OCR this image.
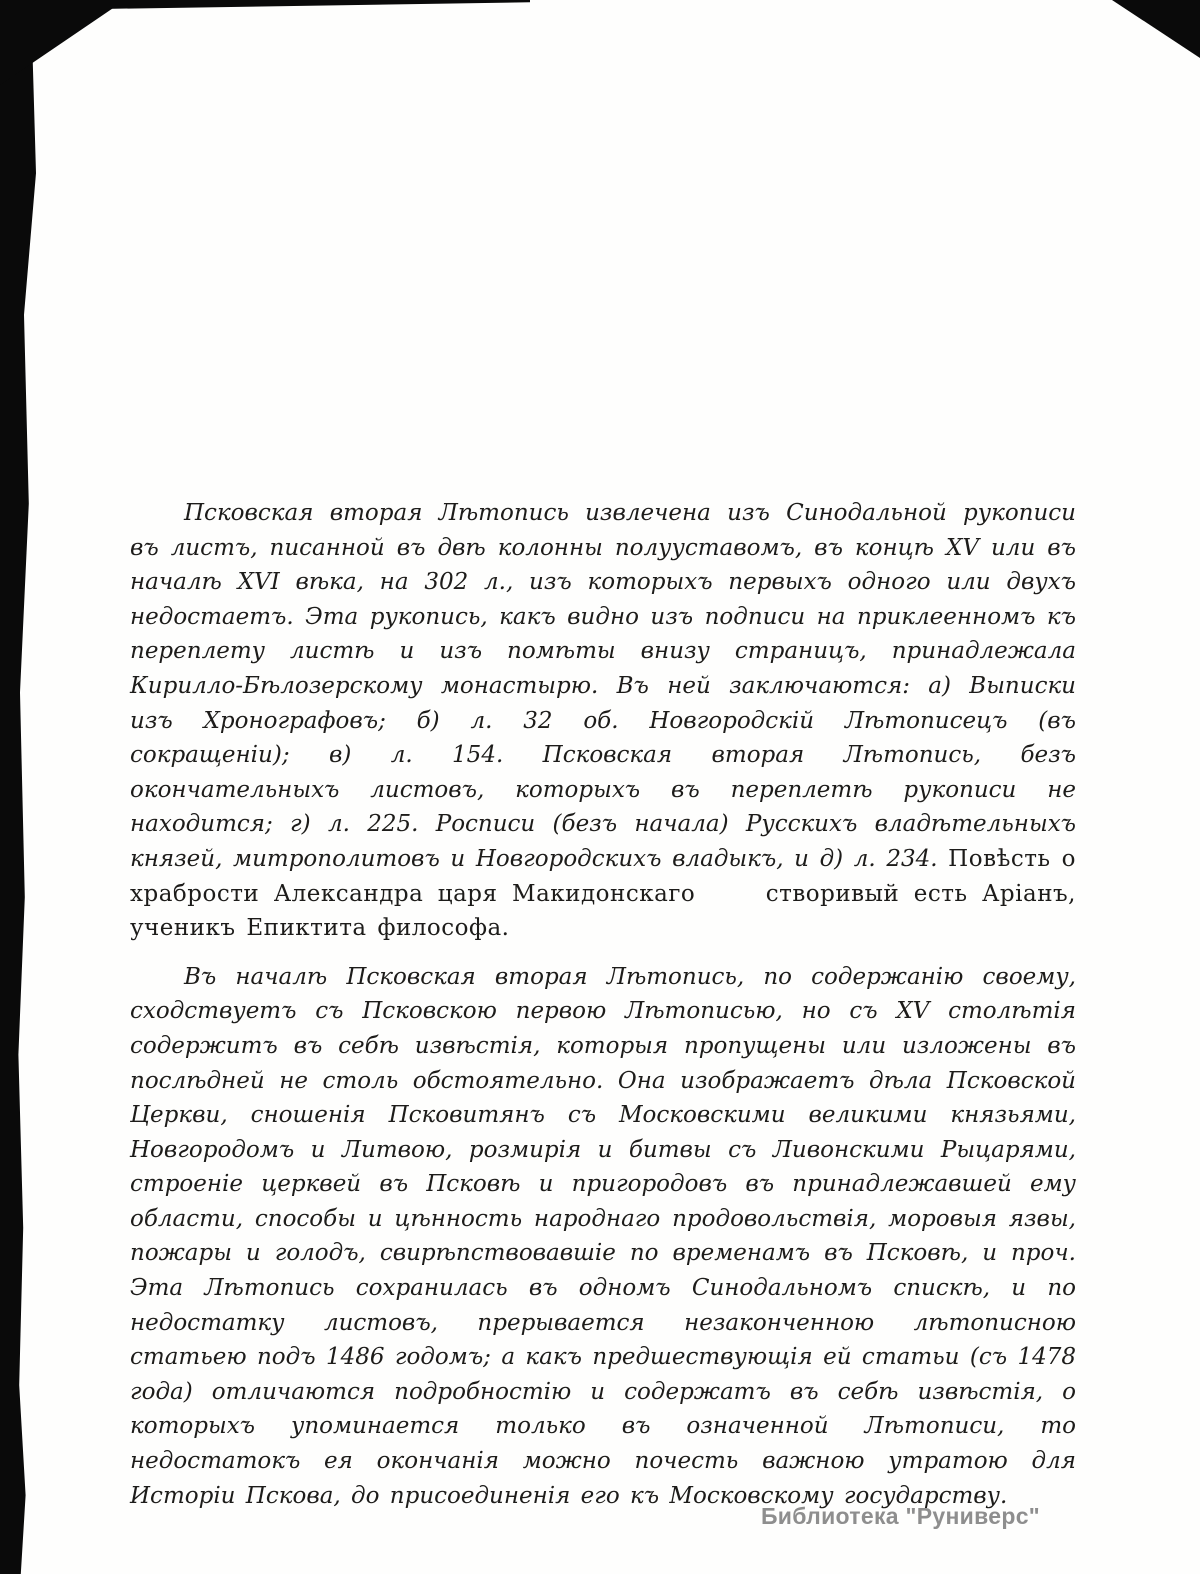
Псковская вторая Лѣтопись извлечена изъ Синодальной рукописи въ листъ, писанной въ двѣ колонны полууставомъ, въ концѣ XV или въ началѣ XVI вѣка, на 302 л., изъ которыхъ первыхъ одного или двухъ недостаетъ. Эта рукопись, какъ видно изъ подписи на приклеенномъ къ переплету листѣ и изъ помѣты внизу страницъ, принадлежала Кирилло-Бѣлозерскому монастырю. Въ ней заключаются: а) Выписки изъ Хронографовъ; б) л. 32 об. Новгородскій Лѣтописецъ (въ сокращеніи); в) л. 154. Псковская вторая Лѣтопись, безъ окончательныхъ листовъ, которыхъ въ переплетѣ рукописи не находится; г) л. 225. Росписи (безъ начала) Русскихъ владѣтельныхъ князей, митрополитовъ и Новгородскихъ владыкъ, и д) л. 234. Повѣсть о храбрости Александра царя Макидонскаго   створивый есть Аріанъ, ученикъ Епиктита философа.

Въ началѣ Псковская вторая Лѣтопись, по содержанію своему, сходствуетъ съ Псковскою первою Лѣтописью, но съ XV столѣтія содержитъ въ себѣ извѣстія, которыя пропущены или изложены въ послѣдней не столь обстоятельно. Она изображаетъ дѣла Псковской Церкви, сношенія Псковитянъ съ Московскими великими князьями, Новгородомъ и Литвою, розмирія и битвы съ Ливонскими Рыцарями, строеніе церквей въ Псковѣ и пригородовъ въ принадлежавшей ему области, способы и цѣнность народнаго продовольствія, моровыя язвы, пожары и голодъ, свирѣпствовавшіе по временамъ въ Псковѣ, и проч. Эта Лѣтопись сохранилась въ одномъ Синодальномъ спискѣ, и по недостатку листовъ, прерывается незаконченною лѣтописною статьею подъ 1486 годомъ; а какъ предшествующія ей статьи (съ 1478 года) отличаются подробностію и содержатъ въ себѣ извѣстія, о которыхъ упоминается только въ означенной Лѣтописи, то недостатокъ ея окончанія можно почесть важною утратою для Исторіи Пскова, до присоединенія его къ Московскому государству.

Библиотека "Руниверс"
